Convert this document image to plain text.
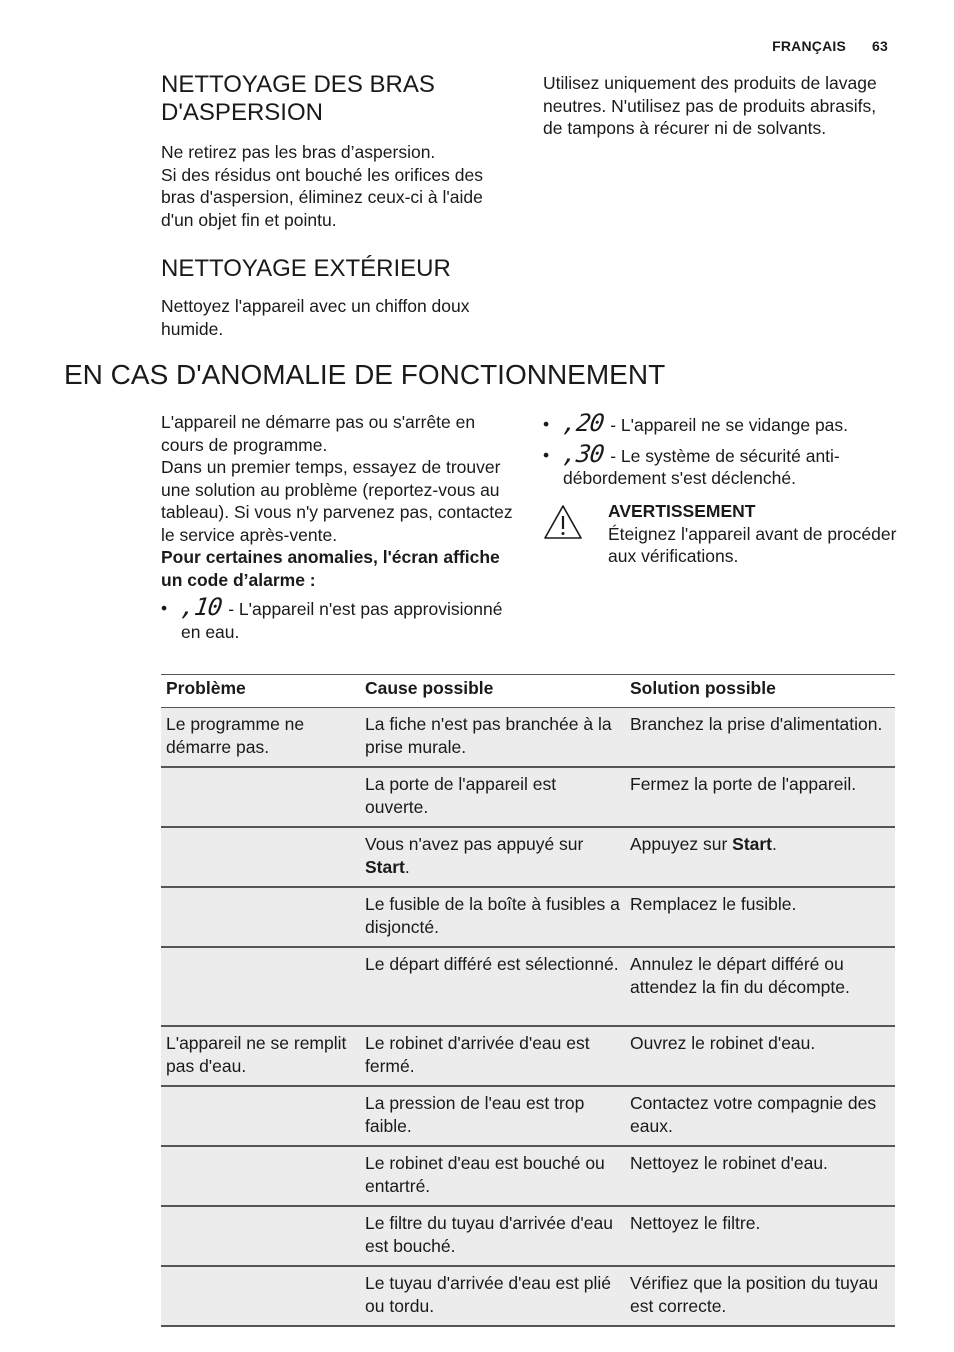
FRANÇAIS 63
NETTOYAGE DES BRAS D'ASPERSION

Ne retirez pas les bras d’aspersion.

Si des résidus ont bouché les orifices des bras d'aspersion, éliminez ceux-ci à l'aide d'un objet fin et pointu.

NETTOYAGE EXTÉRIEUR

Nettoyez l'appareil avec un chiffon doux humide.

Utilisez uniquement des produits de lavage neutres. N'utilisez pas de produits abrasifs, de tampons à récurer ni de solvants.

EN CAS D'ANOMALIE DE FONCTIONNEMENT

L'appareil ne démarre pas ou s'arrête en cours de programme.

Dans un premier temps, essayez de trouver une solution au problème (reportez-vous au tableau). Si vous n'y parvenez pas, contactez le service après-vente.

Pour certaines anomalies, l'écran affiche un code d’alarme :

• ,10 - L'appareil n'est pas approvisionné en eau.
• ,20 - L'appareil ne se vidange pas.
• ,30 - Le système de sécurité anti-débordement s'est déclenché.

AVERTISSEMENT

Éteignez l'appareil avant de procéder aux vérifications.

Problème	Cause possible	Solution possible
Le programme ne démarre pas.	La fiche n'est pas branchée à la prise murale.	Branchez la prise d'alimentation.
	La porte de l'appareil est ouverte.	Fermez la porte de l'appareil.
	Vous n'avez pas appuyé sur Start.	Appuyez sur Start.
	Le fusible de la boîte à fusibles a disjoncté.	Remplacez le fusible.
	Le départ différé est sélectionné.	Annulez le départ différé ou attendez la fin du décompte.
L'appareil ne se remplit pas d'eau.	Le robinet d'arrivée d'eau est fermé.	Ouvrez le robinet d'eau.
	La pression de l'eau est trop faible.	Contactez votre compagnie des eaux.
	Le robinet d'eau est bouché ou entartré.	Nettoyez le robinet d'eau.
	Le filtre du tuyau d'arrivée d'eau est bouché.	Nettoyez le filtre.
	Le tuyau d'arrivée d'eau est plié ou tordu.	Vérifiez que la position du tuyau est correcte.
